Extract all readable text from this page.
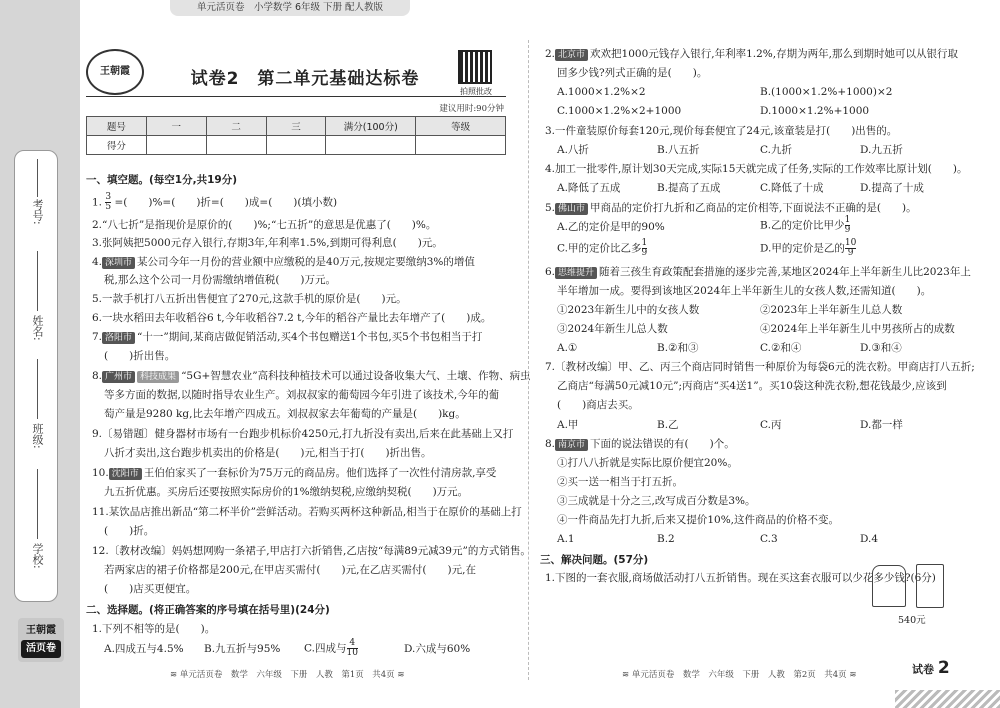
考号:
姓名:
班级:
学校:
王朝霞
活页卷
单元活页卷　小学数学 6年级 下册 配人教版
王朝霞	试卷2　第二单元基础达标卷
拍照批改
建议用时:90分钟
题号	一	二	三	满分(100分)	等级
得分					
一、填空题。(每空1分,共19分)
1. $\frac{3}{5}$ =(　　)%=(　　)折=(　　)成=(　　)(填小数)
2.“八七折”是指现价是原价的(　　)%;“七五折”的意思是优惠了(　　)%。
3.张阿姨把5000元存入银行,存期3年,年利率1.5%,到期可得利息(　　)元。
4. 深圳市 某公司今年一月份的营业额中应缴税的是40万元,按规定要缴纳3%的增值
税,那么这个公司一月份需缴纳增值税(　　)万元。
5.一款手机打八五折出售便宜了270元,这款手机的原价是(　　)元。
6.一块水稻田去年收稻谷6 t,今年收稻谷7.2 t,今年的稻谷产量比去年增产了(　　)成。
7. 洛阳市 “十一”期间,某商店做促销活动,买4个书包赠送1个书包,买5个书包相当于打
(　　)折出售。
8. 广州市 科技成果 “5G+智慧农业”高科技种植技术可以通过设备收集大气、土壤、作物、病虫
等多方面的数据,以随时指导农业生产。刘叔叔家的葡萄园今年引进了该技术,今年的葡
萄产量是9280 kg,比去年增产四成五。刘叔叔家去年葡萄的产量是(　　)kg。
9.〔易错题〕健身器材市场有一台跑步机标价4250元,打九折没有卖出,后来在此基础上又打
八折才卖出,这台跑步机卖出的价格是(　　)元,相当于打(　　)折出售。
10. 沈阳市 王伯伯家买了一套标价为75万元的商品房。他们选择了一次性付清房款,享受
九五折优惠。买房后还要按照实际房价的1%缴纳契税,应缴纳契税(　　)万元。
11.某饮品店推出新品“第二杯半价”尝鲜活动。若购买两杯这种新品,相当于在原价的基础上打
(　　)折。
12.〔教材改编〕妈妈想网购一条裙子,甲店打六折销售,乙店按“每满89元减39元”的方式销售。
若两家店的裙子价格都是200元,在甲店买需付(　　)元,在乙店买需付(　　)元,在
(　　)店买更便宜。
二、选择题。(将正确答案的序号填在括号里)(24分)
1.下列不相等的是(　　)。
A.四成五与4.5% B.九五折与95% C.四成与 $\frac{4}{10}$	D.六成与60%
≋ 单元活页卷　数学　六年级　下册　人教　第1页　共4页 ≋
2. 北京市 欢欢把1000元钱存入银行,年利率1.2%,存期为两年,那么到期时她可以从银行取
回多少钱?列式正确的是(　　)。
A.1000×1.2%×2	B.(1000×1.2%+1000)×2
C.1000×1.2%×2+1000	D.1000×1.2%+1000
3.一件童装原价每套120元,现价每套便宜了24元,该童装是打(　　)出售的。
A.八折	B.八五折	C.九折	D.九五折
4.加工一批零件,原计划30天完成,实际15天就完成了任务,实际的工作效率比原计划(　　)。
A.降低了五成	B.提高了五成	C.降低了十成	D.提高了十成
5. 佛山市 甲商品的定价打九折和乙商品的定价相等,下面说法不正确的是(　　)。
A.乙的定价是甲的90%	B.乙的定价比甲少 $\frac{1}{9}$
C.甲的定价比乙多 $\frac{1}{9}$	D.甲的定价是乙的 $\frac{10}{9}$
6. 思维提升 随着三孩生育政策配套措施的逐步完善,某地区2024年上半年新生儿比2023年上
半年增加一成。要得到该地区2024年上半年新生儿的女孩人数,还需知道(　　)。
①2023年新生儿中的女孩人数	②2023年上半年新生儿总人数
③2024年新生儿总人数	④2024年上半年新生儿中男孩所占的成数
A.①	B.②和③	C.②和④	D.③和④
7.〔教材改编〕甲、乙、丙三个商店同时销售一种原价为每袋6元的洗衣粉。甲商店打八五折;
乙商店“每满50元减10元”;丙商店“买4送1”。买10袋这种洗衣粉,想花钱最少,应该到
(　　)商店去买。
A.甲	B.乙	C.丙	D.都一样
8. 南京市 下面的说法错误的有(　　)个。
①打八八折就是实际比原价便宜20%。
②买一送一相当于打五折。
③三成就是十分之三,改写成百分数是3%。
④一件商品先打九折,后来又提价10%,这件商品的价格不变。
A.1	B.2	C.3	D.4
三、解决问题。(57分)
1.下图的一套衣服,商场做活动打八五折销售。现在买这套衣服可以少花多少钱?(6分)
540元
≋ 单元活页卷　数学　六年级　下册　人教　第2页　共4页 ≋	试卷 2
